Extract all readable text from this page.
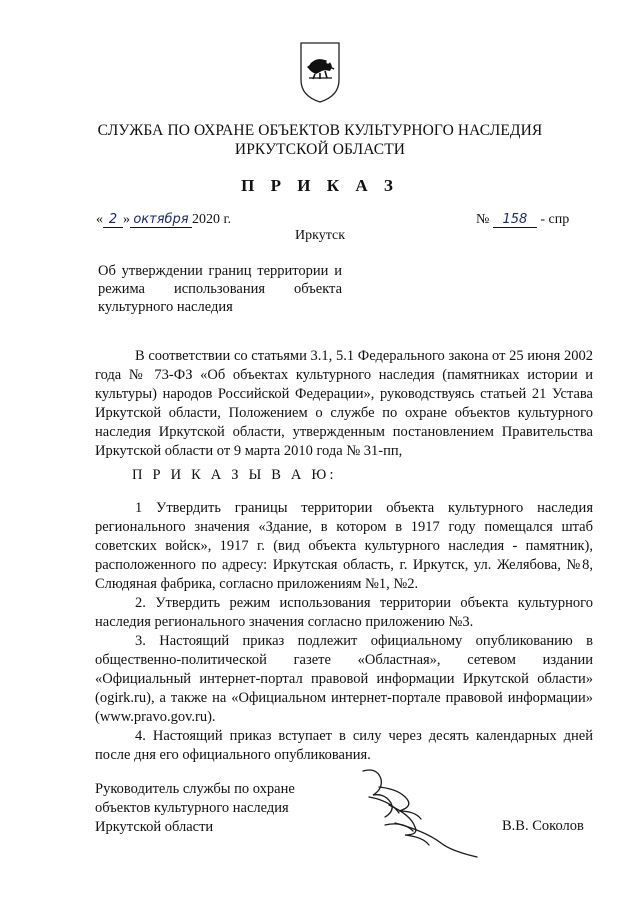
СЛУЖБА ПО ОХРАНЕ ОБЪЕКТОВ КУЛЬТУРНОГО НАСЛЕДИЯ
ИРКУТСКОЙ ОБЛАСТИ
П Р И К А З
« 2 » октября 2020 г.	№ 158 - спр
Иркутск
Об утверждении границ территории и
режима использования объекта
культурного наследия

В соответствии со статьями 3.1, 5.1 Федерального закона от 25 июня 2002 года № 73-ФЗ «Об объектах культурного наследия (памятниках истории и культуры) народов Российской Федерации», руководствуясь статьей 21 Устава Иркутской области, Положением о службе по охране объектов культурного наследия Иркутской области, утвержденным постановлением Правительства Иркутской области от 9 марта 2010 года № 31-пп,

П Р И К А З Ы В А Ю:

1 Утвердить границы территории объекта культурного наследия регионального значения «Здание, в котором в 1917 году помещался штаб советских войск», 1917 г. (вид объекта культурного наследия - памятник), расположенного по адресу: Иркутская область, г. Иркутск, ул. Желябова, №8, Слюдяная фабрика, согласно приложениям №1, №2.

2. Утвердить режим использования территории объекта культурного наследия регионального значения согласно приложению №3.

3. Настоящий приказ подлежит официальному опубликованию в общественно-политической газете «Областная», сетевом издании «Официальный интернет-портал правовой информации Иркутской области» (ogirk.ru), а также на «Официальном интернет-портале правовой информации» (www.pravo.gov.ru).

4. Настоящий приказ вступает в силу через десять календарных дней после дня его официального опубликования.

Руководитель службы по охране
объектов культурного наследия
Иркутской области	В.В. Соколов
